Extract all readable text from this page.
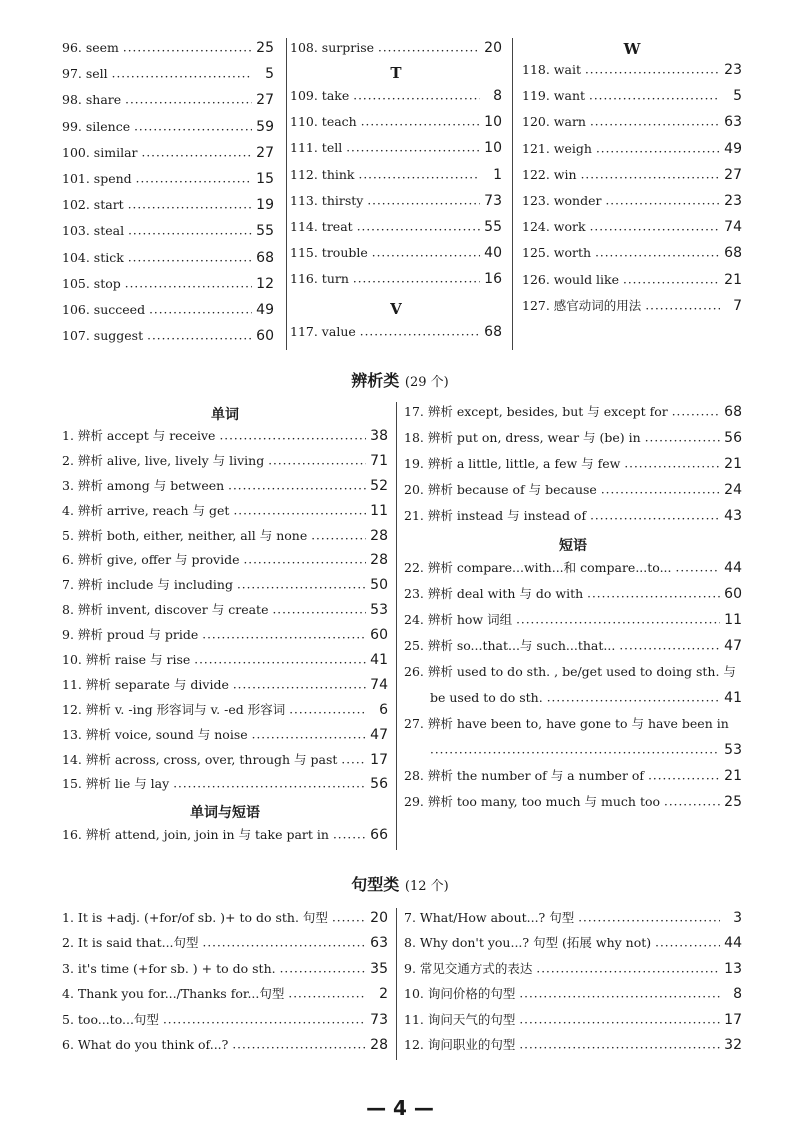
96. seem ·····	25
97. sell ·····	5
98. share ·····	27
99. silence ·····	59
100. similar ·····	27
101. spend ·····	15
102. start ·····	19
103. steal ·····	55
104. stick ·····	68
105. stop ·····	12
106. succeed ·····	49
107. suggest ·····	60
108. surprise ·····	20
T
109. take ·····	8
110. teach ·····	10
111. tell ·····	10
112. think ·····	1
113. thirsty ·····	73
114. treat ·····	55
115. trouble ·····	40
116. turn ·····	16
V
117. value ·····	68
W
118. wait ·····	23
119. want ·····	5
120. warn ·····	63
121. weigh ·····	49
122. win ·····	27
123. wonder ·····	23
124. work ·····	74
125. worth ·····	68
126. would like ·····	21
127. 感官动词的用法 ·····	7
辨析类 (29 个)
单词
1. 辨析 accept 与 receive ·····	38
2. 辨析 alive, live, lively 与 living ·····	71
3. 辨析 among 与 between ·····	52
4. 辨析 arrive, reach 与 get ·····	11
5. 辨析 both, either, neither, all 与 none ·····	28
6. 辨析 give, offer 与 provide ·····	28
7. 辨析 include 与 including ·····	50
8. 辨析 invent, discover 与 create ·····	53
9. 辨析 proud 与 pride ·····	60
10. 辨析 raise 与 rise ·····	41
11. 辨析 separate 与 divide ·····	74
12. 辨析 v. -ing 形容词与 v. -ed 形容词 ·····	6
13. 辨析 voice, sound 与 noise ·····	47
14. 辨析 across, cross, over, through 与 past ····· 17
15. 辨析 lie 与 lay ·····	56
单词与短语
16. 辨析 attend, join, join in 与 take part in ·····	66
17. 辨析 except, besides, but 与 except for ·····	68
18. 辨析 put on, dress, wear 与 (be) in ·····	56
19. 辨析 a little, little, a few 与 few ·····	21
20. 辨析 because of 与 because ·····	24
21. 辨析 instead 与 instead of ·····	43
短语
22. 辨析 compare...with...和 compare...to... ·····	44
23. 辨析 deal with 与 do with ·····	60
24. 辨析 how 词组 ·····	11
25. 辨析 so...that...与 such...that... ·····	47
26. 辨析 used to do sth. , be/get used to doing sth. 与
be used to do sth. ·····	41
27. 辨析 have been to, have gone to 与 have been in
·····
53
28. 辨析 the number of 与 a number of ·····	21
29. 辨析 too many, too much 与 much too ·····	25
句型类 (12 个)
1. It is +adj. (+for/of sb. )+ to do sth. 句型 ·····	20
2. It is said that...句型 ·····	63
3. it's time (+for sb. ) + to do sth. ·····	35
4. Thank you for.../Thanks for...句型 ·····	2
5. too...to...句型 ·····	73
6. What do you think of...? ·····	28
7. What/How about...? 句型 ·····	3
8. Why don't you...? 句型 (拓展 why not) ·····	44
9. 常见交通方式的表达 ·····	13
10. 询问价格的句型 ·····	8
11. 询问天气的句型 ·····	17
12. 询问职业的句型 ·····	32
— 4 —
